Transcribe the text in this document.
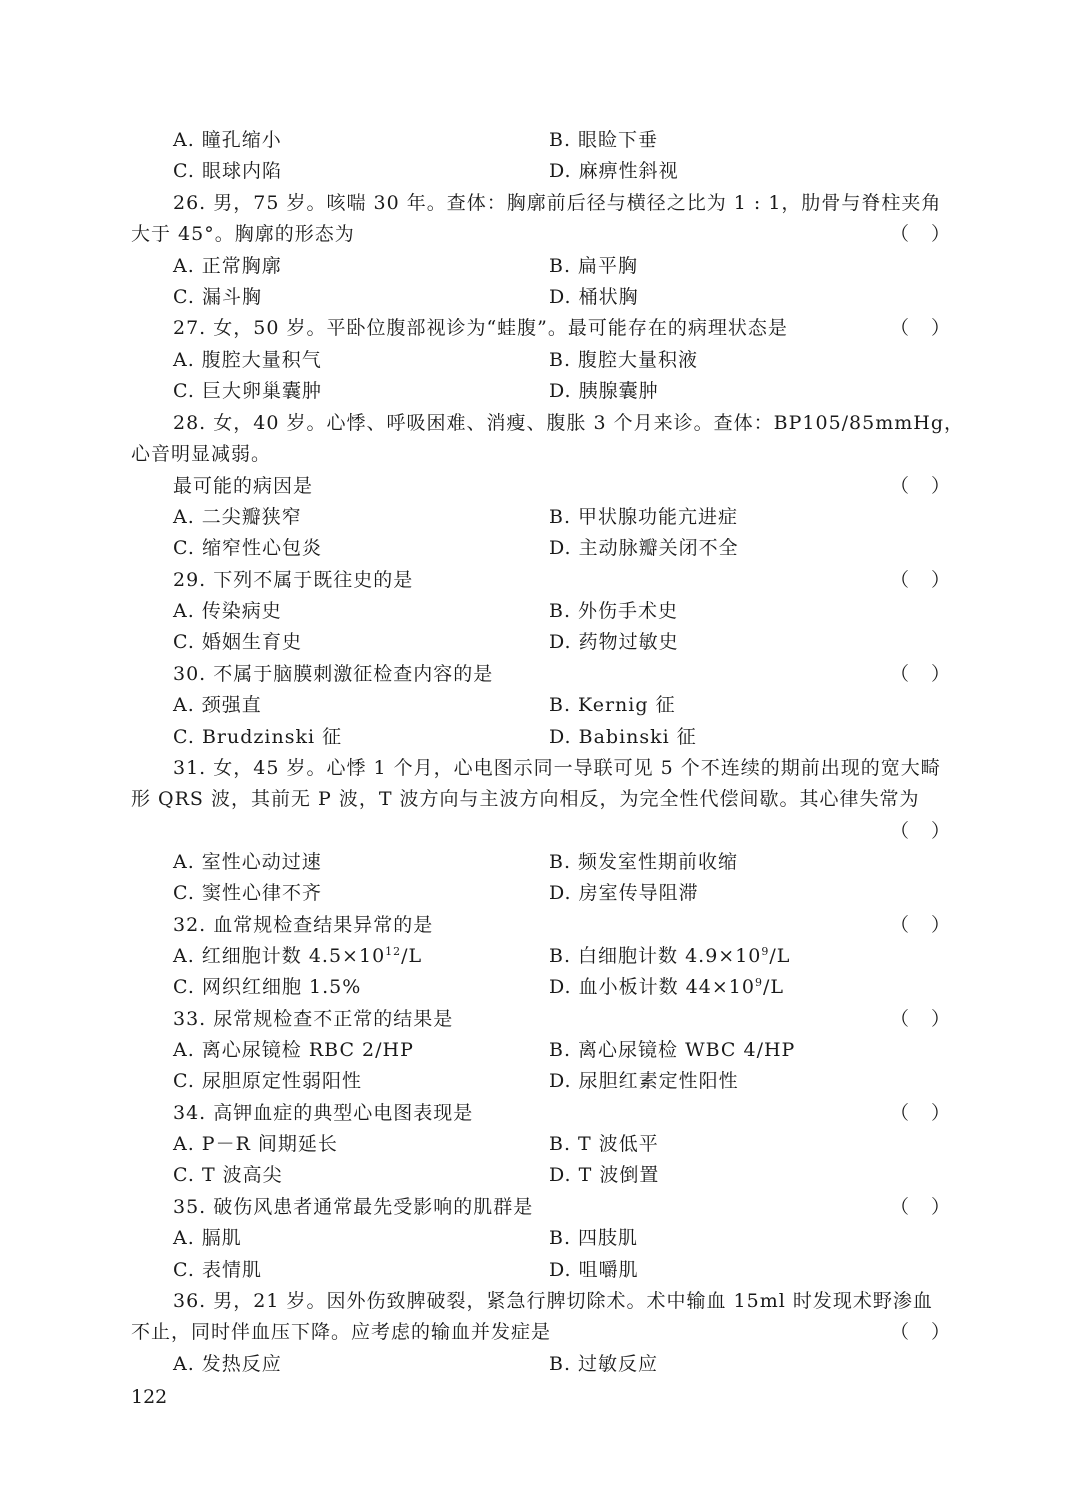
A. 瞳孔缩小	B. 眼睑下垂
C. 眼球内陷	D. 麻痹性斜视
26. 男，75 岁。咳喘 30 年。查体：胸廓前后径与横径之比为 1 : 1，肋骨与脊柱夹角
大于 45°。胸廓的形态为	（ ）
A. 正常胸廓	B. 扁平胸
C. 漏斗胸	D. 桶状胸
27. 女，50 岁。平卧位腹部视诊为“蛙腹”。最可能存在的病理状态是	（ ）
A. 腹腔大量积气	B. 腹腔大量积液
C. 巨大卵巢囊肿	D. 胰腺囊肿
28. 女，40 岁。心悸、呼吸困难、消瘦、腹胀 3 个月来诊。查体：BP105/85mmHg，
心音明显减弱。
最可能的病因是	（ ）
A. 二尖瓣狭窄	B. 甲状腺功能亢进症
C. 缩窄性心包炎	D. 主动脉瓣关闭不全
29. 下列不属于既往史的是	（ ）
A. 传染病史	B. 外伤手术史
C. 婚姻生育史	D. 药物过敏史
30. 不属于脑膜刺激征检查内容的是	（ ）
A. 颈强直	B. Kernig 征
C. Brudzinski 征	D. Babinski 征
31. 女，45 岁。心悸 1 个月，心电图示同一导联可见 5 个不连续的期前出现的宽大畸
形 QRS 波，其前无 P 波，T 波方向与主波方向相反，为完全性代偿间歇。其心律失常为
（ ）
A. 室性心动过速	B. 频发室性期前收缩
C. 窦性心律不齐	D. 房室传导阻滞
32. 血常规检查结果异常的是	（ ）
A. 红细胞计数 $4.5\times 10^{12}/L$	B. 白细胞计数 $4.9\times 10^9/L$
C. 网织红细胞 1.5%	D. 血小板计数 $44\times 10^9/L$
33. 尿常规检查不正常的结果是	（ ）
A. 离心尿镜检 RBC 2/HP	B. 离心尿镜检 WBC 4/HP
C. 尿胆原定性弱阳性	D. 尿胆红素定性阳性
34. 高钾血症的典型心电图表现是	（ ）
A. P－R 间期延长	B. T 波低平
C. T 波高尖	D. T 波倒置
35. 破伤风患者通常最先受影响的肌群是	（ ）
A. 膈肌	B. 四肢肌
C. 表情肌	D. 咀嚼肌
36. 男，21 岁。因外伤致脾破裂，紧急行脾切除术。术中输血 15ml 时发现术野渗血
不止，同时伴血压下降。应考虑的输血并发症是	（ ）
A. 发热反应	B. 过敏反应
122
